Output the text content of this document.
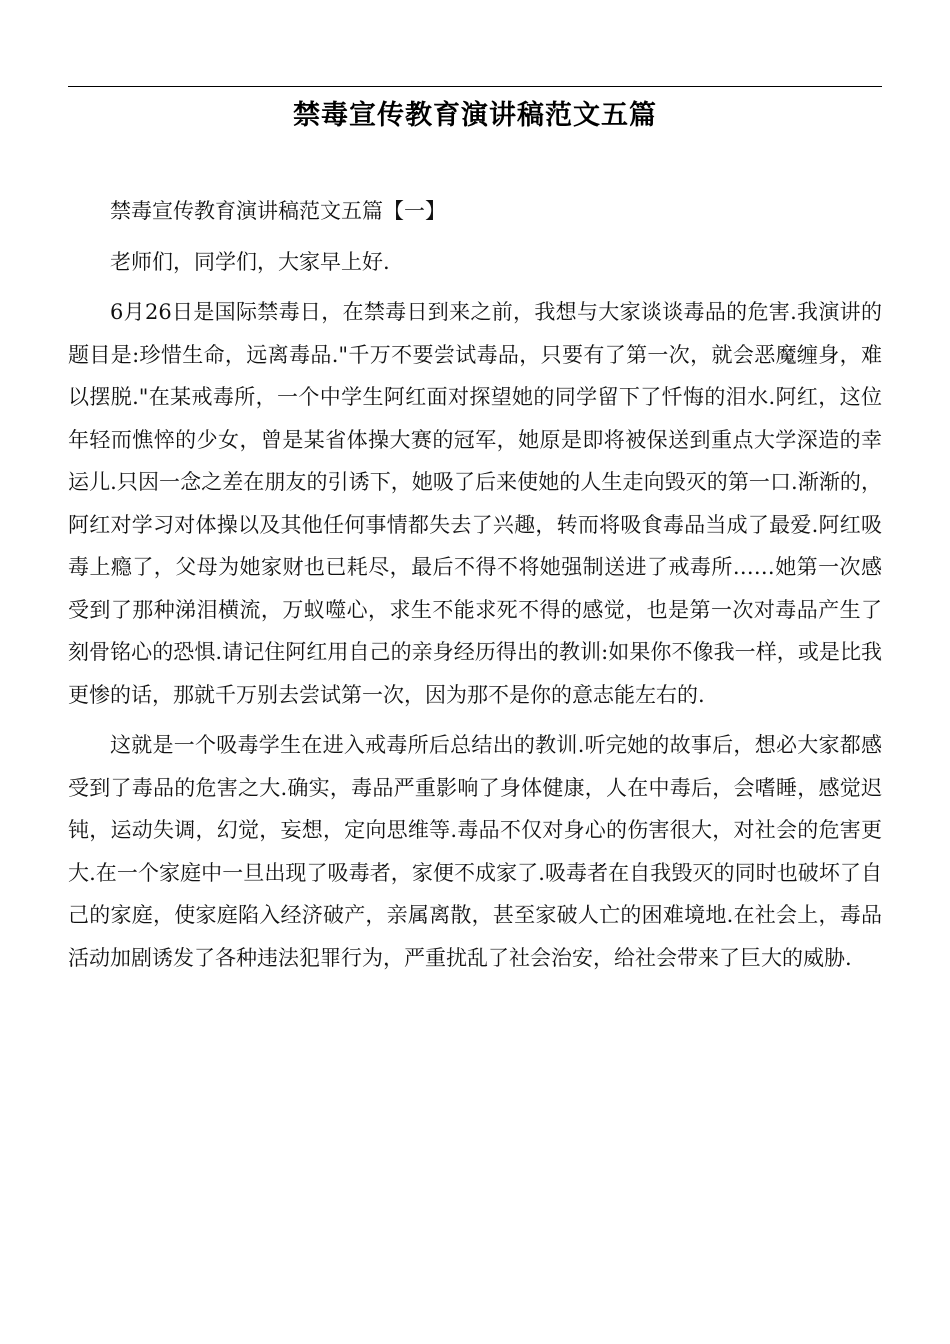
禁毒宣传教育演讲稿范文五篇

禁毒宣传教育演讲稿范文五篇【一】

老师们，同学们，大家早上好.

6月26日是国际禁毒日，在禁毒日到来之前，我想与大家谈谈毒品的危害.我演讲的题目是:珍惜生命，远离毒品."千万不要尝试毒品，只要有了第一次，就会恶魔缠身，难以摆脱."在某戒毒所，一个中学生阿红面对探望她的同学留下了忏悔的泪水.阿红，这位年轻而憔悴的少女，曾是某省体操大赛的冠军，她原是即将被保送到重点大学深造的幸运儿.只因一念之差在朋友的引诱下，她吸了后来使她的人生走向毁灭的第一口.渐渐的，阿红对学习对体操以及其他任何事情都失去了兴趣，转而将吸食毒品当成了最爱.阿红吸毒上瘾了，父母为她家财也已耗尽，最后不得不将她强制送进了戒毒所……她第一次感受到了那种涕泪横流，万蚁噬心，求生不能求死不得的感觉，也是第一次对毒品产生了刻骨铭心的恐惧.请记住阿红用自己的亲身经历得出的教训:如果你不像我一样，或是比我更惨的话，那就千万别去尝试第一次，因为那不是你的意志能左右的.

这就是一个吸毒学生在进入戒毒所后总结出的教训.听完她的故事后，想必大家都感受到了毒品的危害之大.确实，毒品严重影响了身体健康，人在中毒后，会嗜睡，感觉迟钝，运动失调，幻觉，妄想，定向思维等.毒品不仅对身心的伤害很大，对社会的危害更大.在一个家庭中一旦出现了吸毒者，家便不成家了.吸毒者在自我毁灭的同时也破坏了自己的家庭，使家庭陷入经济破产，亲属离散，甚至家破人亡的困难境地.在社会上，毒品活动加剧诱发了各种违法犯罪行为，严重扰乱了社会治安，给社会带来了巨大的威胁.
